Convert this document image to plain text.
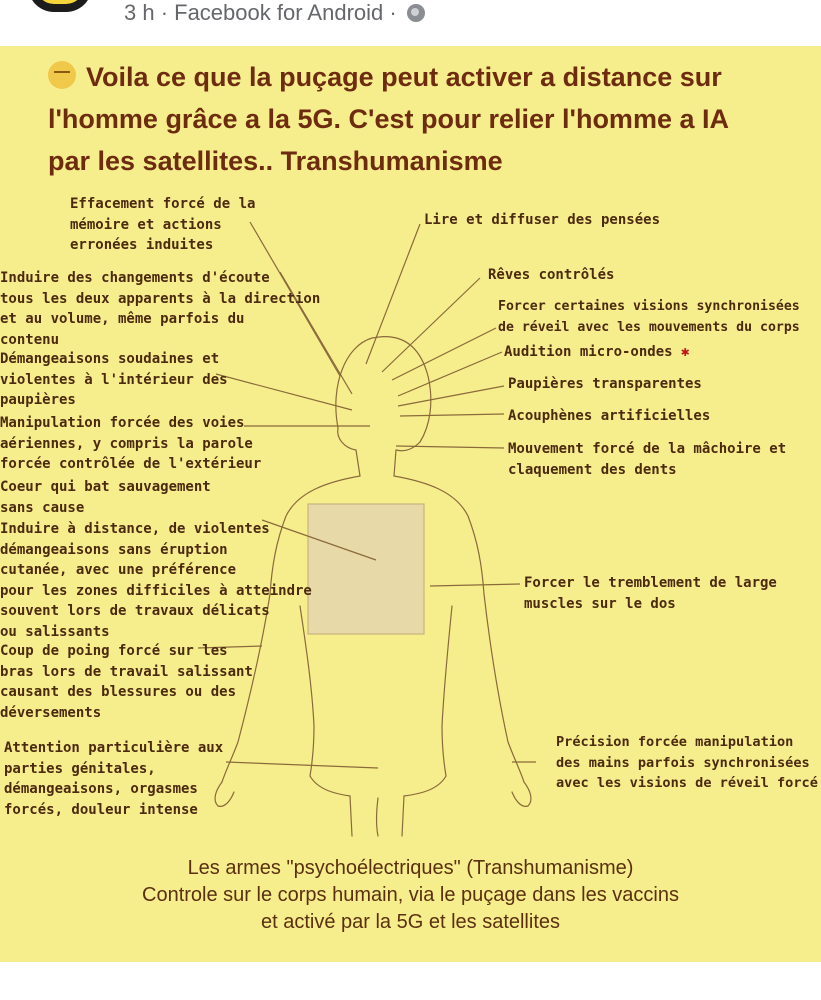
3 h · Facebook for Android ·
Voila ce que la puçage peut activer a distance sur
l'homme grâce a la 5G. C'est pour relier l'homme a IA
par les satellites.. Transhumanisme
Effacement forcé de la
mémoire et actions
erronées induites
Induire des changements d'écoute
tous les deux apparents à la direction
et au volume, même parfois du
contenu
Démangeaisons soudaines et
violentes à l'intérieur des
paupières
Manipulation forcée des voies
aériennes, y compris la parole
forcée contrôlée de l'extérieur
Coeur qui bat sauvagement
sans cause
Induire à distance, de violentes
démangeaisons sans éruption
cutanée, avec une préférence
pour les zones difficiles à atteindre
souvent lors de travaux délicats
ou salissants
Coup de poing forcé sur les
bras lors de travail salissant
causant des blessures ou des
déversements
Attention particulière aux
parties génitales,
démangeaisons, orgasmes
forcés, douleur intense
Lire et diffuser des pensées
Rêves contrôlés
Forcer certaines visions synchronisées
de réveil avec les mouvements du corps
Audition micro-ondes ✱
Paupières transparentes
Acouphènes artificielles
Mouvement forcé de la mâchoire et
claquement des dents
Forcer le tremblement de large
muscles sur le dos
Précision forcée manipulation
des mains parfois synchronisées
avec les visions de réveil forcé
Les armes "psychoélectriques" (Transhumanisme)
Controle sur le corps humain, via le puçage dans les vaccins
et activé par la 5G et les satellites
